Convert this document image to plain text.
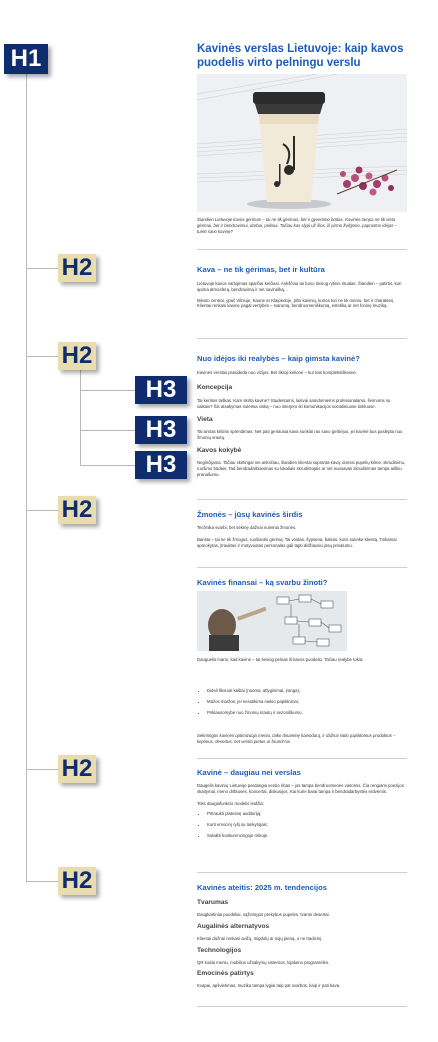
H1
H2
H2
H3
H3
H3
H2
H2
H2
Kavinės verslas Lietuvoje: kaip kavos puodelis virto pelningu verslu

Šiandien Lietuvoje kavos gėrimas – tai ne tik gėrimas, bet ir gyvenimo būdas. Kavinės tampa ne tik vieta gėrimui, bet ir bendravimui, darbui, poilsiui. Tačiau kas slypi už šios, iš pirmo žvilgsnio, paprastos idėjos – turėti savo kavinę?

Kava – ne tik gėrimas, bet ir kultūra

Lietuvoje kavos vartojimas sparčiai keičiasi. Ankščiau tai buvo tiesiog rytinis ritualas. Šiandien – patirtis, kuri apima atmosferą, bendravimą ir net savirašką.

Miesto centrai, ypač Vilniuje, Kaune ar Klaipėdoje, pilni kavinių, kurios turi ne tik meniu, bet ir charakterį. Klientai renkasi kavinę pagal vertybes – tvarumą, bendruomeniškumą, estetiką ar net foninę muziką.

Nuo idėjos iki realybės – kaip gimsta kavinė?

Kavinės verslas prasideda nuo vizijos. Bet tikroji kelionė – kur kas kompleksiškesnė.

Koncepcija

Tai kertinis taškas. Kam skirta kavinė? Studentams, laisvai samdomiems profesionalams, šeimoms su vaikais? Šis atsakymas nulemia viską – nuo interjero iki komunikacijos socialiniuose tinkluose.

Vieta

Tai antras kritinis sprendimas. Net pati geriausia kava sunkiai ras savo gerbėjus, jei kavinė bus paslėpta nuo žmonių srautų.

Kavos kokybė

Neginčijama. Tačiau skirtingai nei anksčiau, šiandien klientai supranta kavą: domisi pupelių kilme, skrudinimu, ruošimo būdais. Tad bendradarbiavimas su lokaliais skrudintojais ar net nuosavas skrudinimas tampa aiškiu pranašumu.

Žmonės – jūsų kavinės širdis

Technika svarbi, bet sėkmę dažnai nulemia žmonės.

Barista – tai ne tik žmogus, ruošiantis gėrimą. Tai veidas, šypsena, balsas, kuris sutinka klientą. Tinkamai apmokytas, įtrauktas ir motyvuotas personalas gali tapti didžiausiu jūsų privalumu.

Kavinės finansai – ką svarbu žinoti?

Dauguelis mano, kad kavinė – tai tiesiog pelnas iš kavos puodelio. Tačiau realybė tokia:

• Dideli fiksuoti kaštai (nuoma, atlyginimai, įranga);
• Mažos maržos, jei nesutikima niekio papildomai;
• Priklausomybė nuo žmonių srautų ir sezoniškumo.

Sėkmingos kavinės optimizuoja meniu, taiko dinaminę kainodarą, ir dažnai siūlo papildomus produktus – kepinius, desertus, net verslo pietus ar brunch'us.

Kavinė – daugiau nei verslas

Daugelis kavinių Lietuvoje pardangia verslo ribas – jos tampa bendruomenės vietomis. Čia rengiami poezijos skaitymai, meno dirbtuvės, koncertai, diskusijos. Kai kurie barai tampa ir bendradarbystės erdvėmis.

Toks daugiafunkcis modelis leidžia:

• Pritraukti platesnę auditoriją;
• Kurti emocinį ryšį su lankytojais;
• Sulaikti konkurencingoje rinkoje.
Kavinės ateitis: 2025 m. tendencijos
Tvarumas

Daugkartiniai puodeliai, sąžiningos prekybos pupelės, tvarūs desertai.

Augalinės alternatyvos

Klientai dažnai renkasi avižų, migdolų ar sojų pieną, o ne tradicinį.

Technologijos

QR kodai meniu, mobilios užsakymų sistemos, lojalumo programėlės.

Emocinės patirtys

Kvapai, apšvietimas, muzika tampa lygiai taip pat svarbūs, kaip ir pati kava.
